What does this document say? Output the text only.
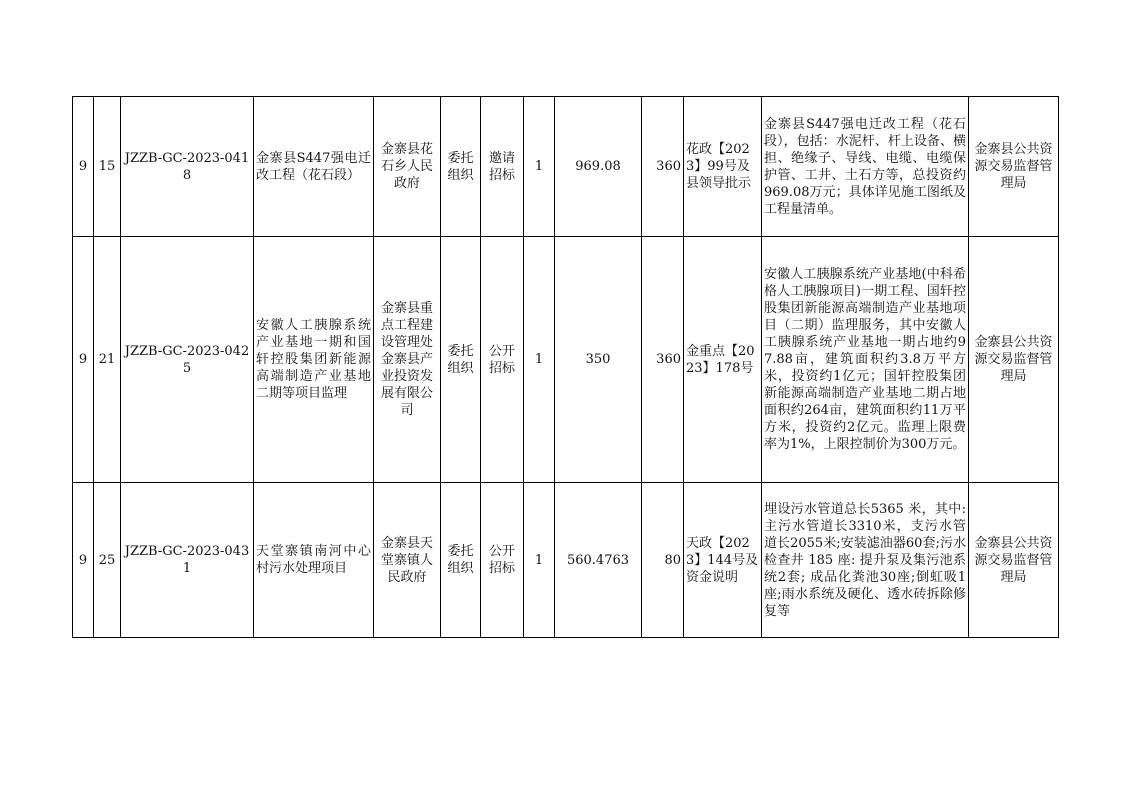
9	15	JZZB-GC-2023-0418	金寨县S447强电迁改工程（花石段）	金寨县花石乡人民政府	委托组织	邀请招标	1	969.08	360	花政【2023】99号及县领导批示	金寨县S447强电迁改工程（花石段），包括：水泥杆、杆上设备、横担、绝缘子、导线、电缆、电缆保护管、工井、土石方等，总投资约969.08万元；具体详见施工图纸及工程量清单。	金寨县公共资源交易监督管理局
9	21	JZZB-GC-2023-0425	安徽人工胰腺系统产业基地一期和国轩控股集团新能源高端制造产业基地二期等项目监理	金寨县重点工程建设管理处金寨县产业投资发展有限公司	委托组织	公开招标	1	350	360	金重点【2023】178号	安徽人工胰腺系统产业基地(中科希格人工胰腺项目)一期工程、国轩控股集团新能源高端制造产业基地项目（二期）监理服务，其中安徽人工胰腺系统产业基地一期占地约97.88亩，建筑面积约3.8万平方米，投资约1亿元；国轩控股集团新能源高端制造产业基地二期占地面积约264亩，建筑面积约11万平方米，投资约2亿元。监理上限费率为1%，上限控制价为300万元。	金寨县公共资源交易监督管理局
9	25	JZZB-GC-2023-0431	天堂寨镇南河中心村污水处理项目	金寨县天堂寨镇人民政府	委托组织	公开招标	1	560.4763	80	天政【2023】144号及资金说明	埋设污水管道总长5365 米，其中:主污水管道长3310米，支污水管道长2055米;安装滤油器60套;污水检查井 185 座: 提升泵及集污池系统2套; 成品化粪池30座;倒虹吸1座;雨水系统及硬化、透水砖拆除修复等	金寨县公共资源交易监督管理局
